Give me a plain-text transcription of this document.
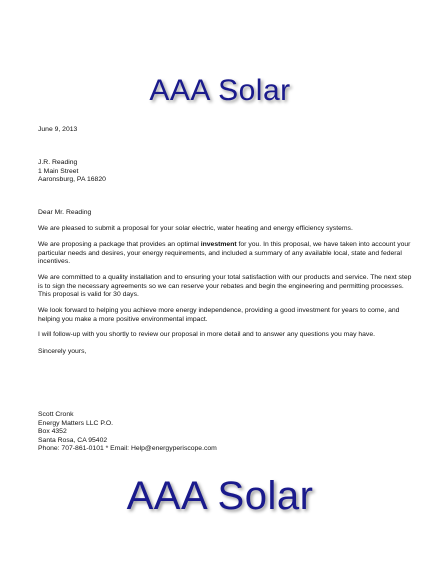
AAA Solar
June 9, 2013
J.R. Reading
1 Main Street
Aaronsburg, PA 16820
Dear Mr. Reading
We are pleased to submit a proposal for your solar electric, water heating and energy efficiency systems.
We are proposing a package that provides an optimal investment for you. In this proposal, we have taken into account your
particular needs and desires, your energy requirements, and included a summary of any available local, state and federal
incentives.
We are committed to a quality installation and to ensuring your total satisfaction with our products and service. The next step
is to sign the necessary agreements so we can reserve your rebates and begin the engineering and permitting processes.
This proposal is valid for 30 days.
We look forward to helping you achieve more energy independence, providing a good investment for years to come, and
helping you make a more positive environmental impact.
I will follow-up with you shortly to review our proposal in more detail and to answer any questions you may have.
Sincerely yours,
Scott Cronk
Energy Matters LLC P.O.
Box 4352
Santa Rosa, CA 95402
Phone: 707-861-0101 * Email: Help@energyperiscope.com
AAA Solar
